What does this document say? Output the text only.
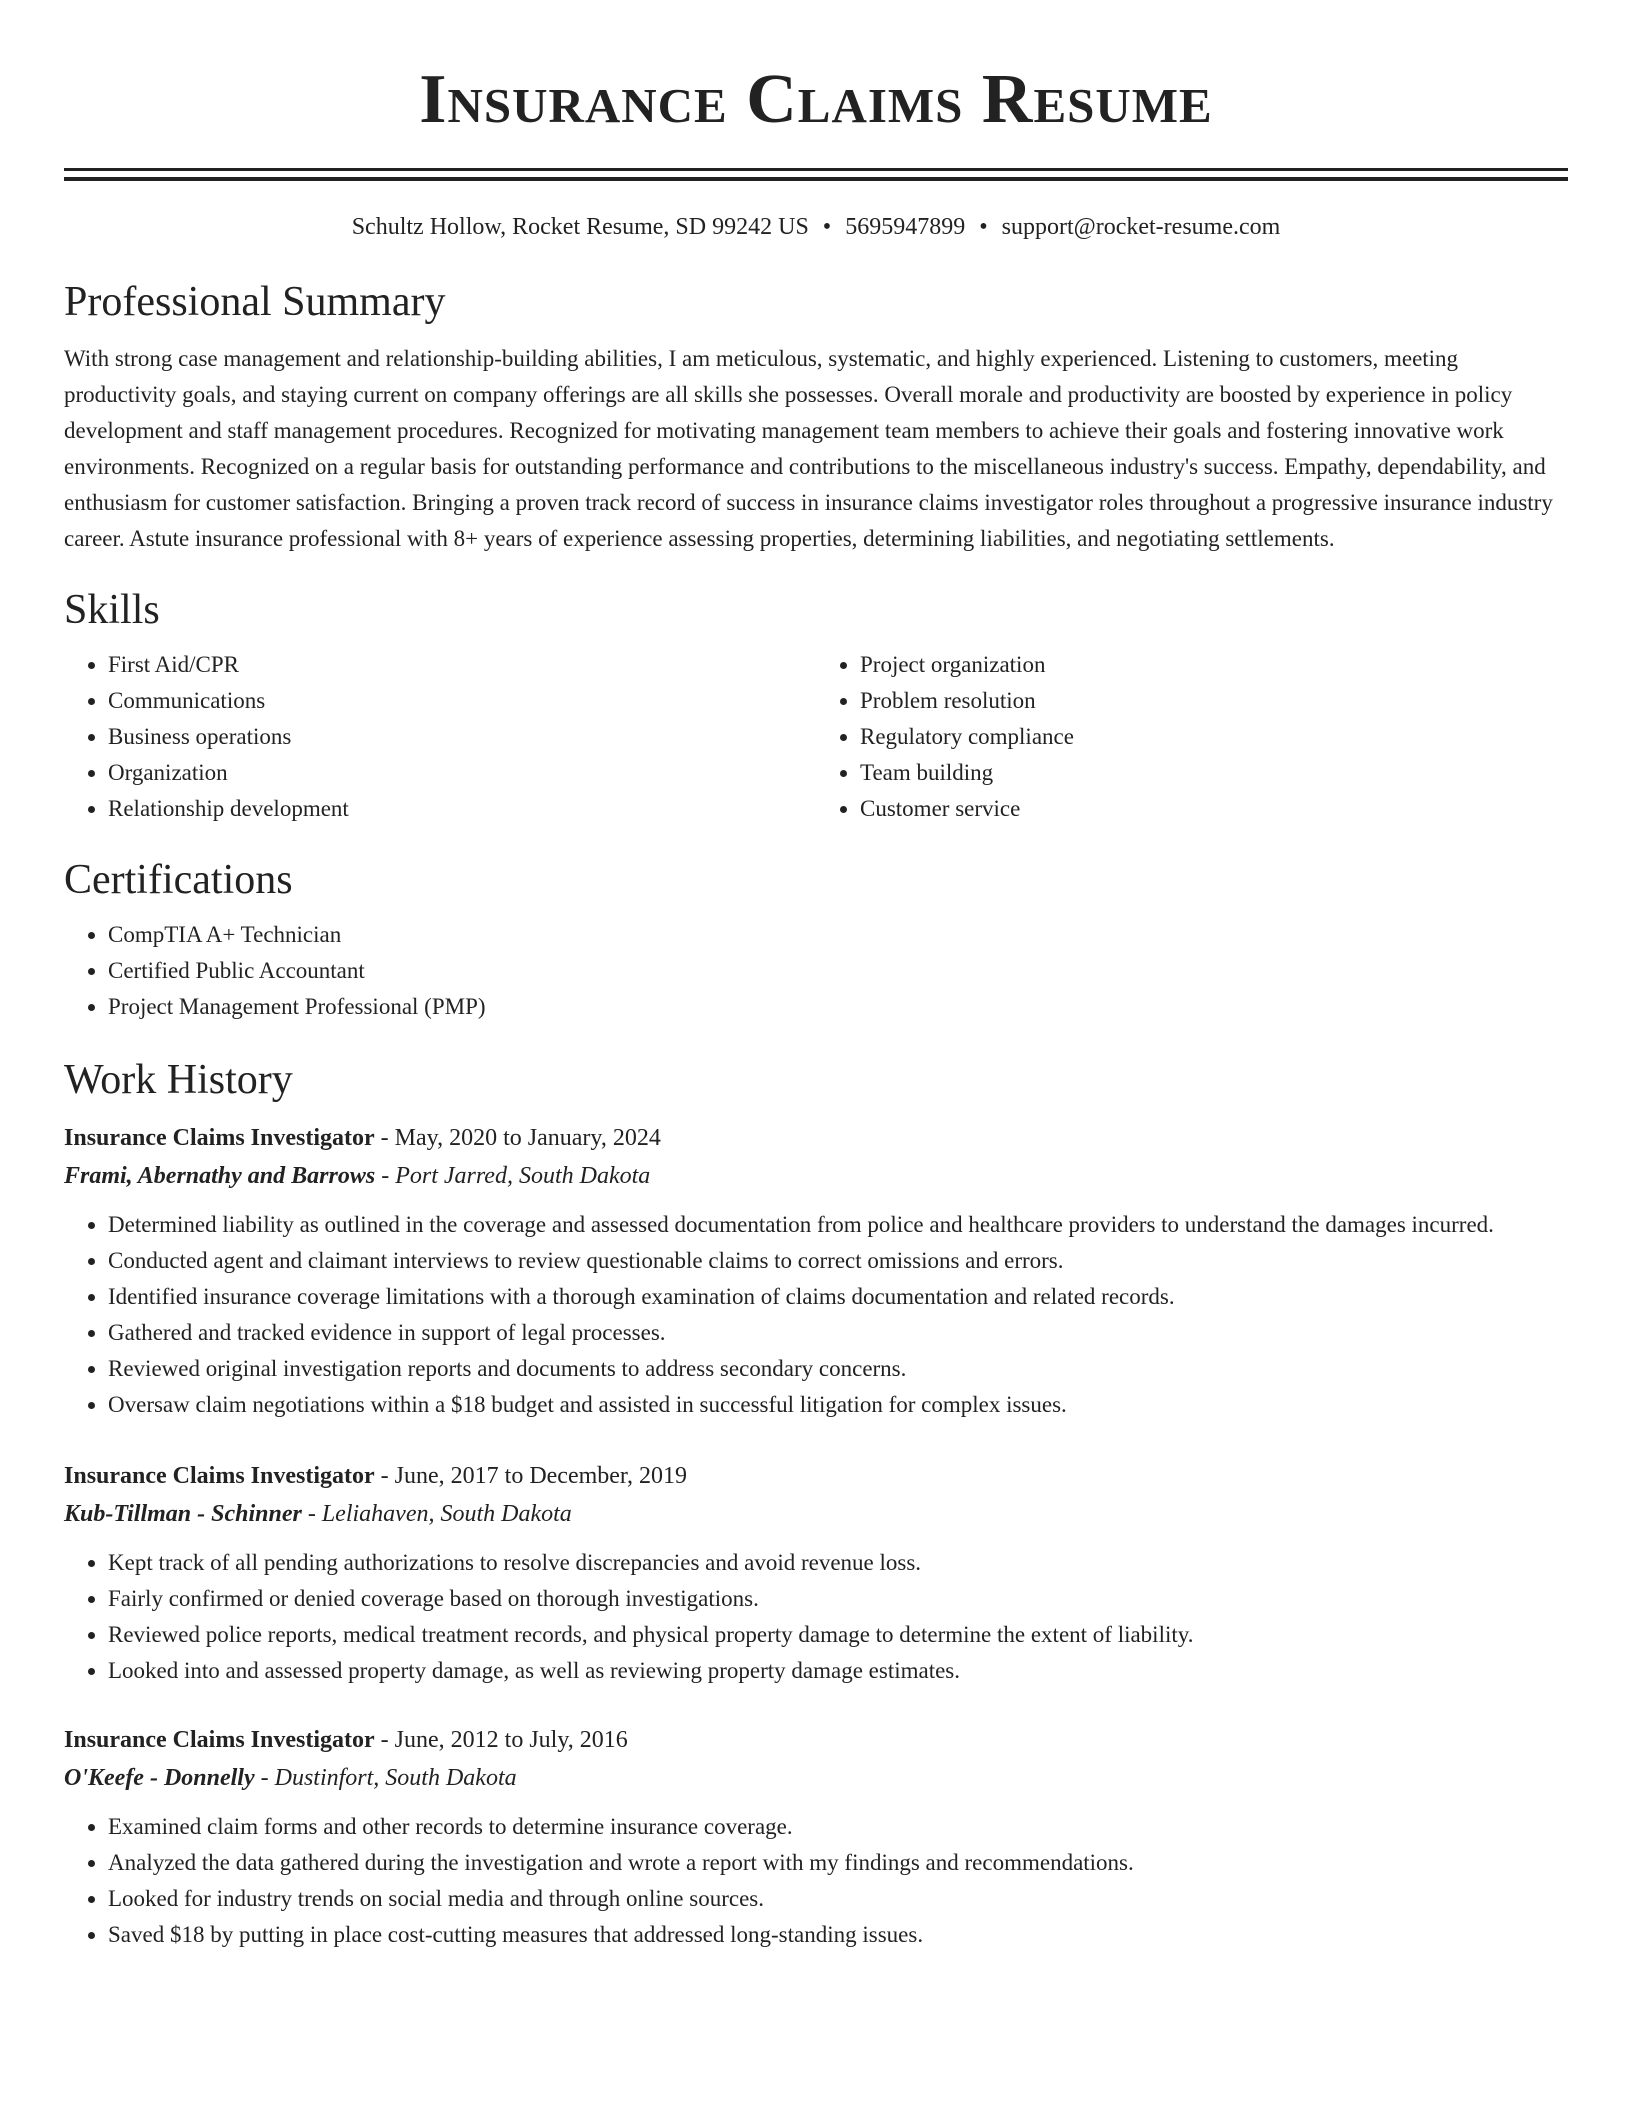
Insurance Claims Resume
Schultz Hollow, Rocket Resume, SD 99242 US • 5695947899 • support@rocket-resume.com
Professional Summary

With strong case management and relationship-building abilities, I am meticulous, systematic, and highly experienced. Listening to customers, meeting productivity goals, and staying current on company offerings are all skills she possesses. Overall morale and productivity are boosted by experience in policy development and staff management procedures. Recognized for motivating management team members to achieve their goals and fostering innovative work environments. Recognized on a regular basis for outstanding performance and contributions to the miscellaneous industry's success. Empathy, dependability, and enthusiasm for customer satisfaction. Bringing a proven track record of success in insurance claims investigator roles throughout a progressive insurance industry career. Astute insurance professional with 8+ years of experience assessing properties, determining liabilities, and negotiating settlements.

Skills
• First Aid/CPR
• Communications
• Business operations
• Organization
• Relationship development
• Project organization
• Problem resolution
• Regulatory compliance
• Team building
• Customer service
Certifications
• CompTIA A+ Technician
• Certified Public Accountant
• Project Management Professional (PMP)
Work History
Insurance Claims Investigator - May, 2020 to January, 2024
Frami, Abernathy and Barrows - Port Jarred, South Dakota
• Determined liability as outlined in the coverage and assessed documentation from police and healthcare providers to understand the damages incurred.
• Conducted agent and claimant interviews to review questionable claims to correct omissions and errors.
• Identified insurance coverage limitations with a thorough examination of claims documentation and related records.
• Gathered and tracked evidence in support of legal processes.
• Reviewed original investigation reports and documents to address secondary concerns.
• Oversaw claim negotiations within a $18 budget and assisted in successful litigation for complex issues.
Insurance Claims Investigator - June, 2017 to December, 2019
Kub-Tillman - Schinner - Leliahaven, South Dakota
• Kept track of all pending authorizations to resolve discrepancies and avoid revenue loss.
• Fairly confirmed or denied coverage based on thorough investigations.
• Reviewed police reports, medical treatment records, and physical property damage to determine the extent of liability.
• Looked into and assessed property damage, as well as reviewing property damage estimates.
Insurance Claims Investigator - June, 2012 to July, 2016
O'Keefe - Donnelly - Dustinfort, South Dakota
• Examined claim forms and other records to determine insurance coverage.
• Analyzed the data gathered during the investigation and wrote a report with my findings and recommendations.
• Looked for industry trends on social media and through online sources.
• Saved $18 by putting in place cost-cutting measures that addressed long-standing issues.
